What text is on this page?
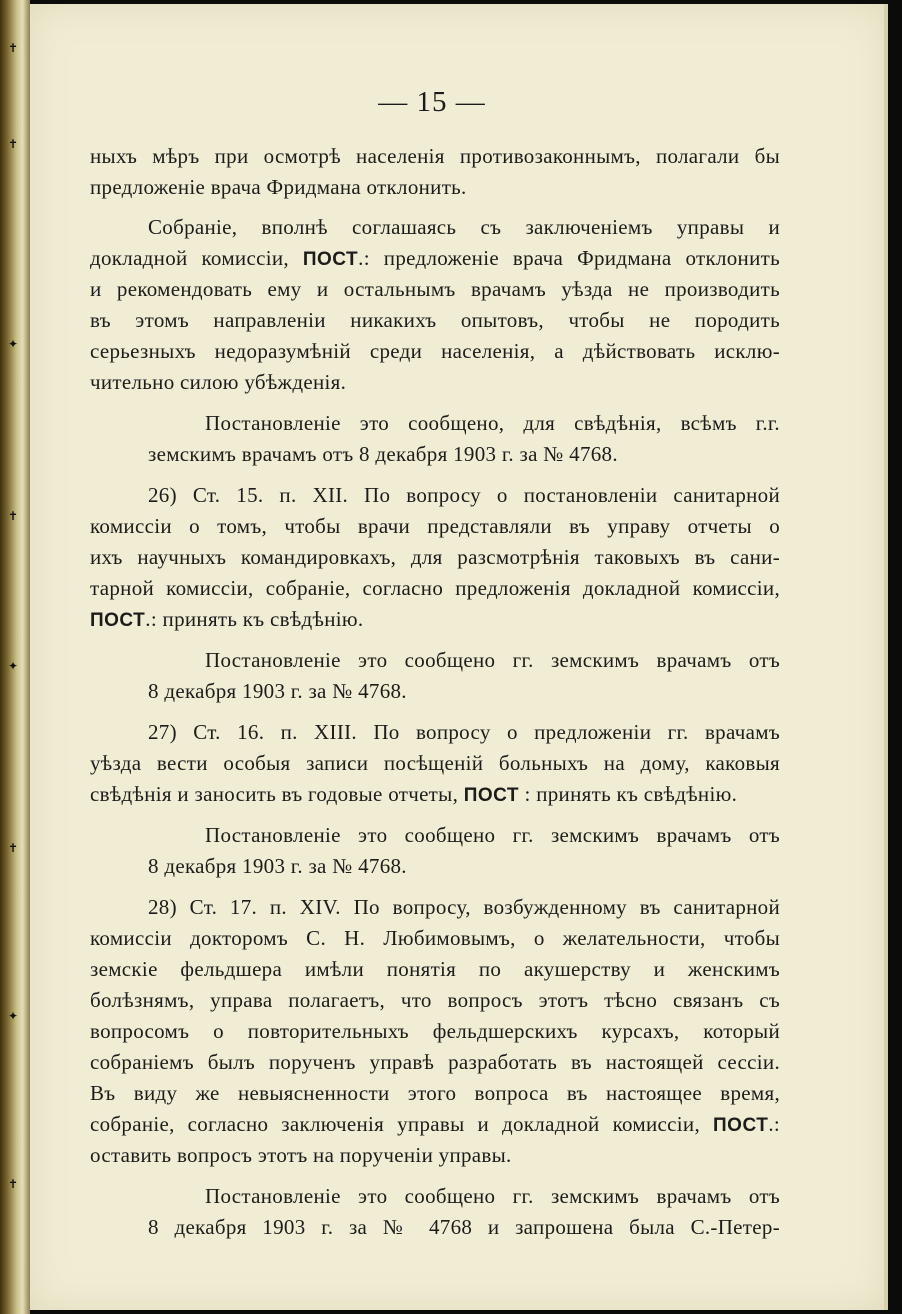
✝
✝
✦
✝
✦
✝
✦
✝
— 15 —
ныхъ мѣръ при осмотрѣ населенія противозаконнымъ, полагали бы
предложеніе врача Фридмана отклонить.
Собраніе, вполнѣ соглашаясь съ заключеніемъ управы и
докладной комиссіи, ПОСТ.: предложеніе врача Фридмана отклонить
и рекомендовать ему и остальнымъ врачамъ уѣзда не производить
въ этомъ направленіи никакихъ опытовъ, чтобы не породить
серьезныхъ недоразумѣній среди населенія, а дѣйствовать исклю-
чительно силою убѣжденія.
Постановленіе это сообщено, для свѣдѣнія, всѣмъ г.г.
земскимъ врачамъ отъ 8 декабря 1903 г. за № 4768.
26) Ст. 15. п. XII. По вопросу о постановленіи санитарной
комиссіи о томъ, чтобы врачи представляли въ управу отчеты о
ихъ научныхъ командировкахъ, для разсмотрѣнія таковыхъ въ сани-
тарной комиссіи, собраніе, согласно предложенія докладной комиссіи,
ПОСТ.: принять къ свѣдѣнію.
Постановленіе это сообщено гг. земскимъ врачамъ отъ
8 декабря 1903 г. за № 4768.
27) Ст. 16. п. XIII. По вопросу о предложеніи гг. врачамъ
уѣзда вести особыя записи посѣщеній больныхъ на дому, каковыя
свѣдѣнія и заносить въ годовые отчеты, ПОСТ : принять къ свѣдѣнію.
Постановленіе это сообщено гг. земскимъ врачамъ отъ
8 декабря 1903 г. за № 4768.
28) Ст. 17. п. XIV. По вопросу, возбужденному въ санитарной
комиссіи докторомъ С. Н. Любимовымъ, о желательности, чтобы
земскіе фельдшера имѣли понятія по акушерству и женскимъ
болѣзнямъ, управа полагаетъ, что вопросъ этотъ тѣсно связанъ съ
вопросомъ о повторительныхъ фельдшерскихъ курсахъ, который
собраніемъ былъ порученъ управѣ разработать въ настоящей сессіи.
Въ виду же невыясненности этого вопроса въ настоящее время,
собраніе, согласно заключенія управы и докладной комиссіи, ПОСТ.:
оставить вопросъ этотъ на порученіи управы.
Постановленіе это сообщено гг. земскимъ врачамъ отъ
8 декабря 1903 г. за № 4768 и запрошена была С.-Петер-
